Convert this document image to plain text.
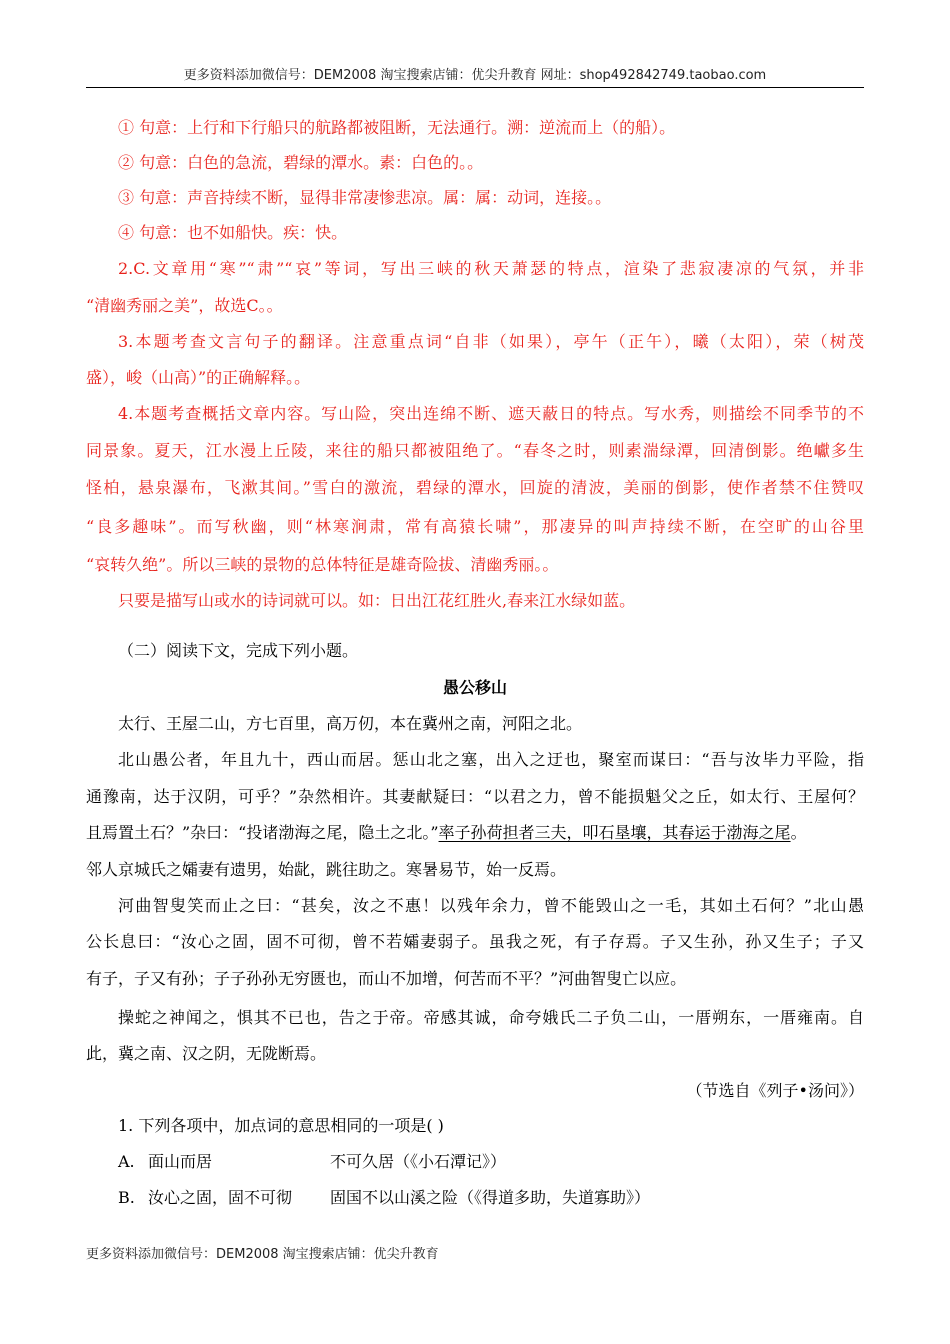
更多资料添加微信号：DEM2008 淘宝搜索店铺：优尖升教育 网址：shop492842749.taobao.com
① 句意：上行和下行船只的航路都被阻断，无法通行。溯：逆流而上（的船）。
② 句意：白色的急流，碧绿的潭水。素：白色的。。
③ 句意：声音持续不断，显得非常凄惨悲凉。属：属：动词，连接。。
④ 句意：也不如船快。疾：快。
2.C.文章用“寒”“肃”“哀”等词，写出三峡的秋天萧瑟的特点，渲染了悲寂凄凉的气氛，并非
“清幽秀丽之美”，故选C。。
3.本题考查文言句子的翻译。注意重点词“自非（如果），亭午（正午），曦（太阳），荣（树茂
盛），峻（山高）”的正确解释。。
4.本题考查概括文章内容。写山险，突出连绵不断、遮天蔽日的特点。写水秀，则描绘不同季节的不
同景象。夏天，江水漫上丘陵，来往的船只都被阻绝了。“春冬之时，则素湍绿潭，回清倒影。绝巘多生
怪柏，悬泉瀑布，飞漱其间。”雪白的激流，碧绿的潭水，回旋的清波，美丽的倒影，使作者禁不住赞叹
“良多趣味”。而写秋幽，则“林寒涧肃，常有高猿长啸”，那凄异的叫声持续不断，在空旷的山谷里
“哀转久绝”。所以三峡的景物的总体特征是雄奇险拔、清幽秀丽。。
只要是描写山或水的诗词就可以。如：日出江花红胜火,春来江水绿如蓝。
（二）阅读下文，完成下列小题。
愚公移山
太行、王屋二山，方七百里，高万仞，本在冀州之南，河阳之北。
北山愚公者，年且九十，西山而居。惩山北之塞，出入之迂也，聚室而谋曰：“吾与汝毕力平险，指
通豫南，达于汉阴，可乎？”杂然相许。其妻献疑曰：“以君之力，曾不能损魁父之丘，如太行、王屋何？
且焉置土石？”杂曰：“投诸渤海之尾，隐土之北。”率子孙荷担者三夫，叩石垦壤，其春运于渤海之尾。
邻人京城氏之孀妻有遗男，始龀，跳往助之。寒暑易节，始一反焉。
河曲智叟笑而止之曰：“甚矣，汝之不惠！以残年余力，曾不能毁山之一毛，其如土石何？”北山愚
公长息曰：“汝心之固，固不可彻，曾不若孀妻弱子。虽我之死，有子存焉。子又生孙，孙又生子；子又
有子，子又有孙；子子孙孙无穷匮也，而山不加增，何苦而不平？”河曲智叟亡以应。
操蛇之神闻之，惧其不已也，告之于帝。帝感其诚，命夸娥氏二子负二山，一厝朔东，一厝雍南。自
此，冀之南、汉之阴，无陇断焉。
（节选自《列子•汤问》）
1. 下列各项中，加点词的意思相同的一项是( )
A. 面山而居	不可久居（《小石潭记》）
B. 汝心之固，固不可彻 固国不以山溪之险（《得道多助，失道寡助》）
更多资料添加微信号：DEM2008 淘宝搜索店铺：优尖升教育
